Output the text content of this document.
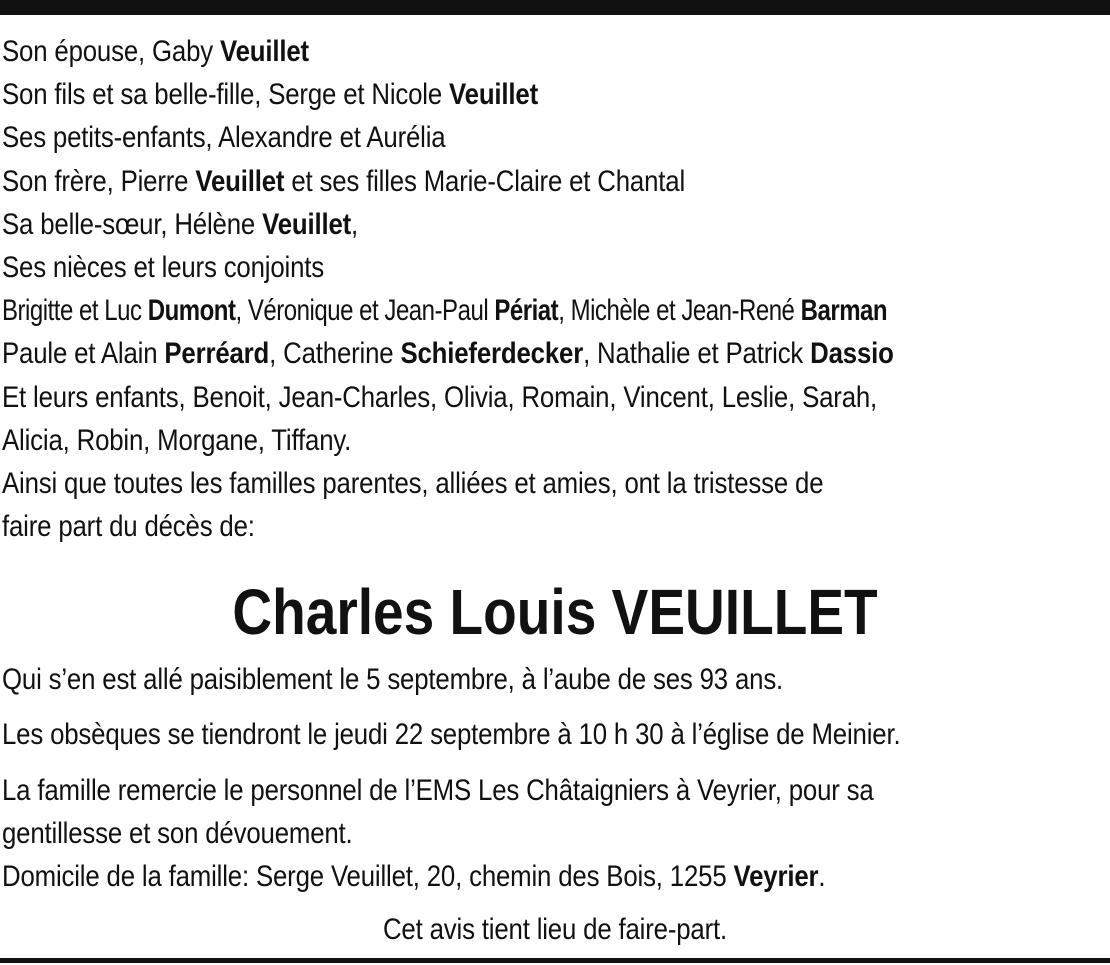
Son épouse, Gaby Veuillet
Son fils et sa belle-fille, Serge et Nicole Veuillet
Ses petits-enfants, Alexandre et Aurélia
Son frère, Pierre Veuillet et ses filles Marie-Claire et Chantal
Sa belle-sœur, Hélène Veuillet,
Ses nièces et leurs conjoints
Brigitte et Luc Dumont, Véronique et Jean-Paul Périat, Michèle et Jean-René Barman
Paule et Alain Perréard, Catherine Schieferdecker, Nathalie et Patrick Dassio
Et leurs enfants, Benoit, Jean-Charles, Olivia, Romain, Vincent, Leslie, Sarah,
Alicia, Robin, Morgane, Tiffany.
Ainsi que toutes les familles parentes, alliées et amies, ont la tristesse de
faire part du décès de:
Charles Louis VEUILLET
Qui s’en est allé paisiblement le 5 septembre, à l’aube de ses 93 ans.
Les obsèques se tiendront le jeudi 22 septembre à 10 h 30 à l’église de Meinier.
La famille remercie le personnel de l’EMS Les Châtaigniers à Veyrier, pour sa
gentillesse et son dévouement.
Domicile de la famille: Serge Veuillet, 20, chemin des Bois, 1255 Veyrier.
Cet avis tient lieu de faire-part.
